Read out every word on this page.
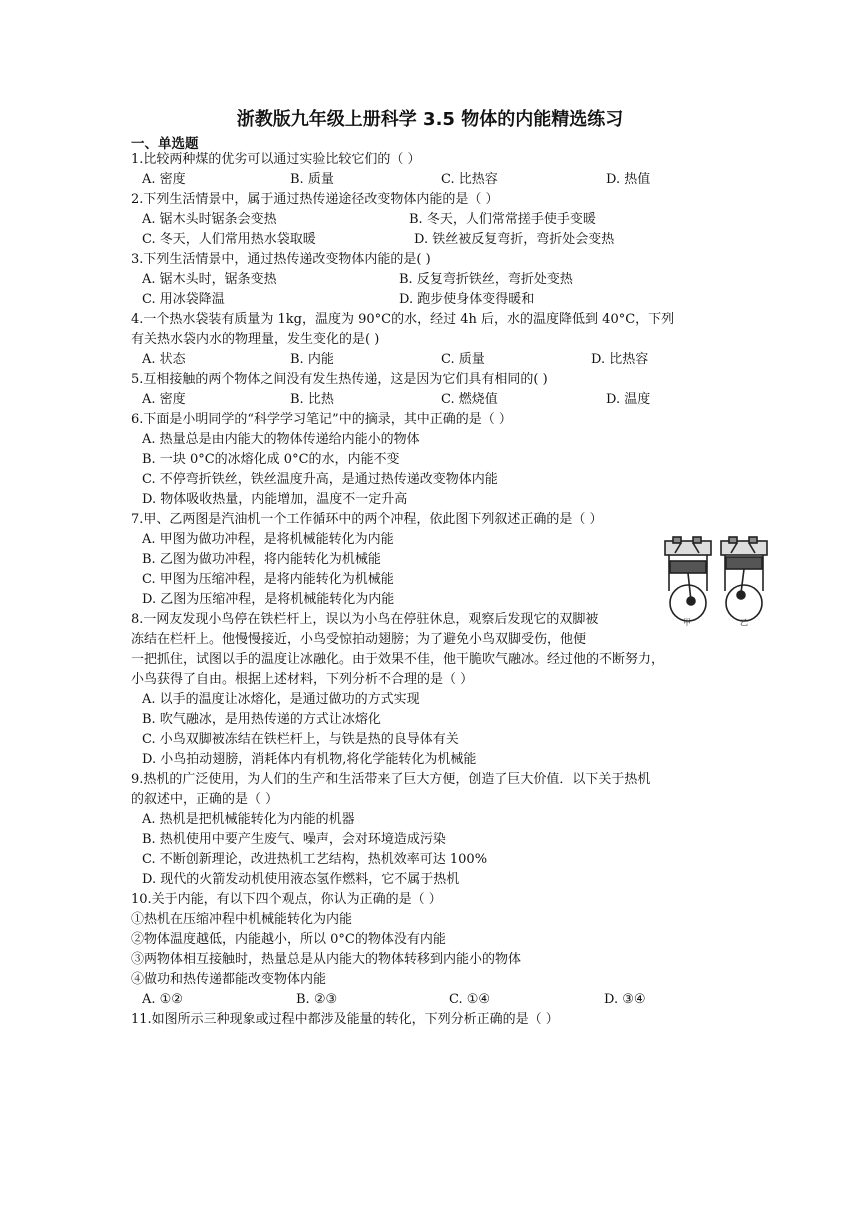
浙教版九年级上册科学 3.5 物体的内能精选练习
一、单选题
1.比较两种煤的优劣可以通过实验比较它们的（ ）
A. 密度	B. 质量	C. 比热容	D. 热值
2.下列生活情景中，属于通过热传递途径改变物体内能的是（ ）
A. 锯木头时锯条会变热	B. 冬天，人们常常搓手使手变暖
C. 冬天，人们常用热水袋取暖	D. 铁丝被反复弯折，弯折处会变热
3.下列生活情景中，通过热传递改变物体内能的是( )
A. 锯木头时，锯条变热	B. 反复弯折铁丝，弯折处变热
C. 用冰袋降温	D. 跑步使身体变得暖和
4.一个热水袋装有质量为 1kg，温度为 90°C的水，经过 4h 后，水的温度降低到 40°C，下列
有关热水袋内水的物理量，发生变化的是( )
A. 状态	B. 内能	C. 质量	D. 比热容
5.互相接触的两个物体之间没有发生热传递，这是因为它们具有相同的( )
A. 密度	B. 比热	C. 燃烧值	D. 温度
6.下面是小明同学的“科学学习笔记”中的摘录，其中正确的是（ ）
A. 热量总是由内能大的物体传递给内能小的物体
B. 一块 0°C的冰熔化成 0°C的水，内能不变
C. 不停弯折铁丝，铁丝温度升高，是通过热传递改变物体内能
D. 物体吸收热量，内能增加，温度不一定升高
7.甲、乙两图是汽油机一个工作循环中的两个冲程，依此图下列叙述正确的是（ ）
A. 甲图为做功冲程，是将机械能转化为内能
B. 乙图为做功冲程，将内能转化为机械能
C. 甲图为压缩冲程，是将内能转化为机械能
D. 乙图为压缩冲程，是将机械能转化为内能
甲	乙
8.一网友发现小鸟停在铁栏杆上，误以为小鸟在停驻休息，观察后发现它的双脚被
冻结在栏杆上。他慢慢接近，小鸟受惊拍动翅膀；为了避免小鸟双脚受伤，他便
一把抓住，试图以手的温度让冰融化。由于效果不佳，他干脆吹气融冰。经过他的不断努力，
小鸟获得了自由。根据上述材料，下列分析不合理的是（ ）
A. 以手的温度让冰熔化，是通过做功的方式实现
B. 吹气融冰，是用热传递的方式让冰熔化
C. 小鸟双脚被冻结在铁栏杆上，与铁是热的良导体有关
D. 小鸟拍动翅膀，消耗体内有机物,将化学能转化为机械能
9.热机的广泛使用，为人们的生产和生活带来了巨大方便，创造了巨大价值．以下关于热机
的叙述中，正确的是（ ）
A. 热机是把机械能转化为内能的机器
B. 热机使用中要产生废气、噪声，会对环境造成污染
C. 不断创新理论，改进热机工艺结构，热机效率可达 100%
D. 现代的火箭发动机使用液态氢作燃料，它不属于热机
10.关于内能，有以下四个观点，你认为正确的是（ ）
①热机在压缩冲程中机械能转化为内能
②物体温度越低，内能越小，所以 0°C的物体没有内能
③两物体相互接触时，热量总是从内能大的物体转移到内能小的物体
④做功和热传递都能改变物体内能
A. ①②	B. ②③	C. ①④	D. ③④
11.如图所示三种现象或过程中都涉及能量的转化，下列分析正确的是（ ）
